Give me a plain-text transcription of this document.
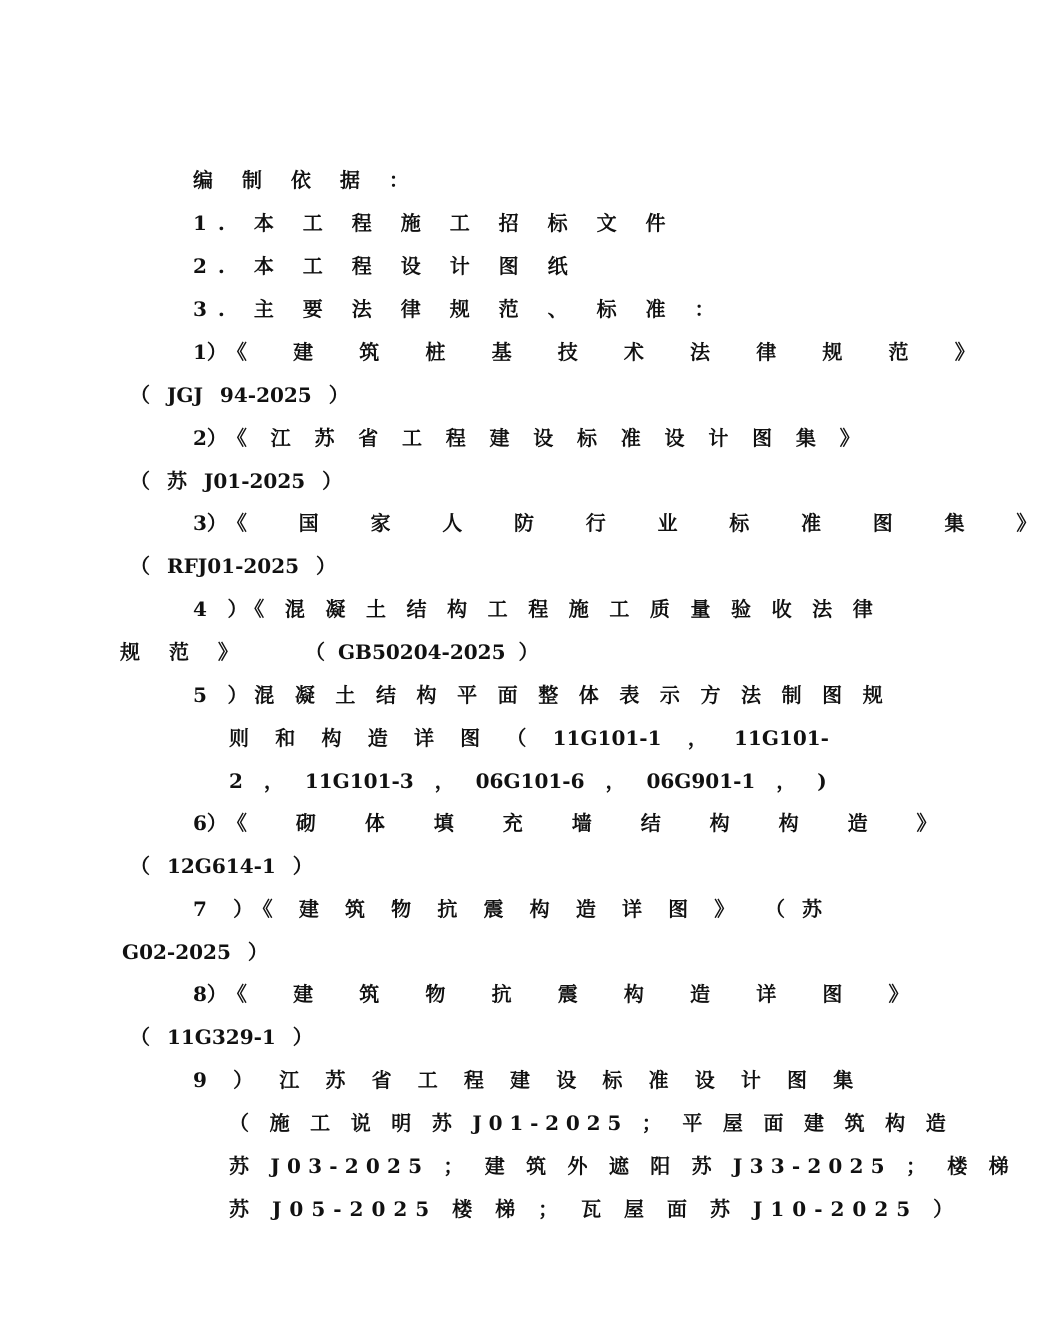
编 制 依 据 ：

1. 本 工 程 施 工 招 标 文 件

2. 本 工 程 设 计 图 纸

3. 主 要 法 律 规 范 、 标 准 ：

1 ） 《 建 筑 桩 基 技 术 法 律 规 范 》

（ JGJ 94-2025 ）

2 ） 《 江 苏 省 工 程 建 设 标 准 设 计 图 集 》

（ 苏 J01-2025 ）

3 ） 《 国 家 人 防 行 业 标 准 图 集 》

（ RFJ01-2025 ）

4 ）《 混 凝 土 结 构 工 程 施 工 质 量 验 收 法 律

规 范 》	（ GB50204-2025 ）

5 ）混 凝 土 结 构 平 面 整 体 表 示 方 法 制 图 规

则 和 构 造 详 图 （ 11G101-1 ， 11G101-

2 ， 11G101-3 ， 06G101-6 ， 06G901-1 ， )

6 ） 《 砌 体 填 充 墙 结 构 构 造 》

（ 12G614-1 ）

7 ）《 建 筑 物 抗 震 构 造 详 图 》 （ 苏

G02-2025 ）

8 ） 《 建 筑 物 抗 震 构 造 详 图 》

（ 11G329-1 ）

9 ） 江 苏 省 工 程 建 设 标 准 设 计 图 集

（ 施 工 说 明 苏 J01-2025 ； 平 屋 面 建 筑 构 造

苏 J03-2025 ； 建 筑 外 遮 阳 苏 J33-2025 ； 楼 梯

苏 J05-2025 楼 梯 ； 瓦 屋 面 苏 J10-2025 ）
